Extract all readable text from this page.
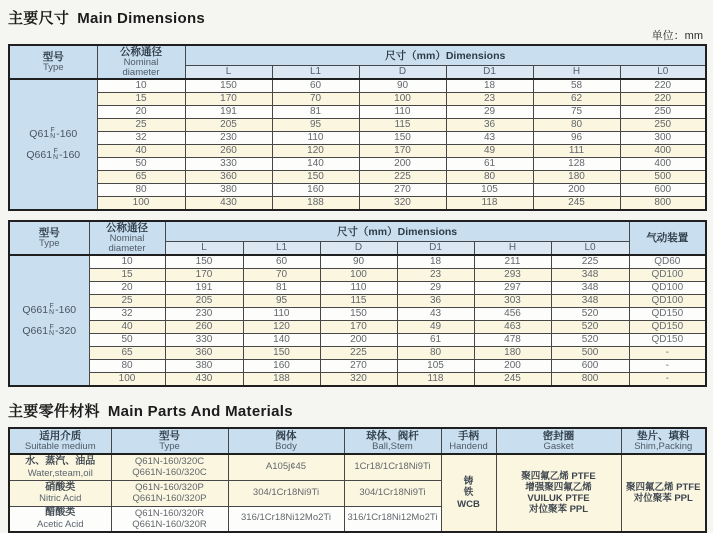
主要尺寸 Main Dimensions
单位：mm
型号
Type	公称通径
Nominal
diameter	尺寸（mm）Dimensions					
		L	L1	D	D1	H	L0

Q61 F
N -160
Q661 F
N -160
	10	150	60	90	18	58	220
	15	170	70	100	23	62	220
	20	191	81	110	29	75	250
	25	205	95	115	36	80	250
	32	230	110	150	43	96	300
	40	260	120	170	49	111	400
	50	330	140	200	61	128	400
	65	360	150	225	80	180	500
	80	380	160	270	105	200	600
	100	430	188	320	118	245	800
型号
Type	公称通径
Nominal
diameter	尺寸（mm）Dimensions						气动装置

		L	L1	D	D1	H	L0	

Q661 F
N -160
Q661 F
N -320
	10	150	60	90	18	211	225	QD60
	15	170	70	100	23	293	348	QD100
	20	191	81	110	29	297	348	QD100
	25	205	95	115	36	303	348	QD100
	32	230	110	150	43	456	520	QD150
	40	260	120	170	49	463	520	QD150
	50	330	140	200	61	478	520	QD150
	65	360	150	225	80	180	500	-
	80	380	160	270	105	200	600	-
	100	430	188	320	118	245	800	-
主要零件材料 Main Parts And Materials
适用介质
Suitable medium	型号
Type	阀体
Body	球体、阀杆
Ball,Stem	手柄
Handend	密封圈
Gasket	垫片、填料
Shim,Packing

水、蒸汽、油品
Water,steam,oil	Q61N-160/320C
Q661N-160/320C	A105j¢45	1Cr18/1Cr18Ni9Ti	铸
铁
WCB	聚四氟乙烯 PTFE
增强聚四氟乙烯
VUILUK PTFE
对位聚苯 PPL	聚四氟乙烯 PTFE
对位聚苯 PPL

硝酸类
Nitric Acid	Q61N-160/320P
Q661N-160/320P	304/1Cr18Ni9Ti	304/1Cr18Ni9Ti			

醋酸类
Acetic Acid	Q61N-160/320R
Q661N-160/320R	316/1Cr18Ni12Mo2Ti	316/1Cr18Ni12Mo2Ti			
